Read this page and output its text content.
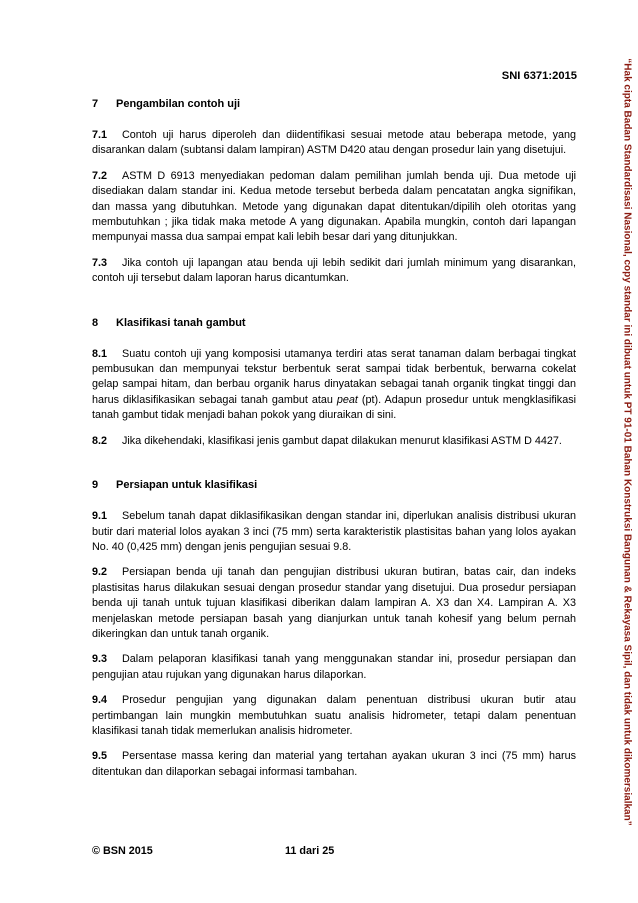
SNI 6371:2015	“Hak cipta Badan Standardisasi Nasional, copy standar ini dibuat untuk PT 91-01 Bahan Konstruksi Bangunan & Rekayasa Sipil, dan tidak untuk dikomersialkan”
7 Pengambilan contoh uji

7.1 Contoh uji harus diperoleh dan diidentifikasi sesuai metode atau beberapa metode, yang disarankan dalam (subtansi dalam lampiran) ASTM D420 atau dengan prosedur lain yang disetujui.

7.2 ASTM D 6913 menyediakan pedoman dalam pemilihan jumlah benda uji. Dua metode uji disediakan dalam standar ini. Kedua metode tersebut berbeda dalam pencatatan angka signifikan, dan massa yang dibutuhkan. Metode yang digunakan dapat ditentukan/dipilih oleh otoritas yang membutuhkan ; jika tidak maka metode A yang digunakan. Apabila mungkin, contoh dari lapangan mempunyai massa dua sampai empat kali lebih besar dari yang ditunjukkan.

7.3 Jika contoh uji lapangan atau benda uji lebih sedikit dari jumlah minimum yang disarankan, contoh uji tersebut dalam laporan harus dicantumkan.

8 Klasifikasi tanah gambut

8.1 Suatu contoh uji yang komposisi utamanya terdiri atas serat tanaman dalam berbagai tingkat pembusukan dan mempunyai tekstur berbentuk serat sampai tidak berbentuk, berwarna cokelat gelap sampai hitam, dan berbau organik harus dinyatakan sebagai tanah organik tingkat tinggi dan harus diklasifikasikan sebagai tanah gambut atau peat (pt). Adapun prosedur untuk mengklasifikasi tanah gambut tidak menjadi bahan pokok yang diuraikan di sini.

8.2 Jika dikehendaki, klasifikasi jenis gambut dapat dilakukan menurut klasifikasi ASTM D 4427.

9 Persiapan untuk klasifikasi

9.1 Sebelum tanah dapat diklasifikasikan dengan standar ini, diperlukan analisis distribusi ukuran butir dari material lolos ayakan 3 inci (75 mm) serta karakteristik plastisitas bahan yang lolos ayakan No. 40 (0,425 mm) dengan jenis pengujian sesuai 9.8.

9.2 Persiapan benda uji tanah dan pengujian distribusi ukuran butiran, batas cair, dan indeks plastisitas harus dilakukan sesuai dengan prosedur standar yang disetujui. Dua prosedur persiapan benda uji tanah untuk tujuan klasifikasi diberikan dalam lampiran A. X3 dan X4. Lampiran A. X3 menjelaskan metode persiapan basah yang dianjurkan untuk tanah kohesif yang belum pernah dikeringkan dan untuk tanah organik.

9.3 Dalam pelaporan klasifikasi tanah yang menggunakan standar ini, prosedur persiapan dan pengujian atau rujukan yang digunakan harus dilaporkan.

9.4 Prosedur pengujian yang digunakan dalam penentuan distribusi ukuran butir atau pertimbangan lain mungkin membutuhkan suatu analisis hidrometer, tetapi dalam penentuan klasifikasi tanah tidak memerlukan analisis hidrometer.

9.5 Persentase massa kering dan material yang tertahan ayakan ukuran 3 inci (75 mm) harus ditentukan dan dilaporkan sebagai informasi tambahan.

© BSN 2015	11 dari 25
